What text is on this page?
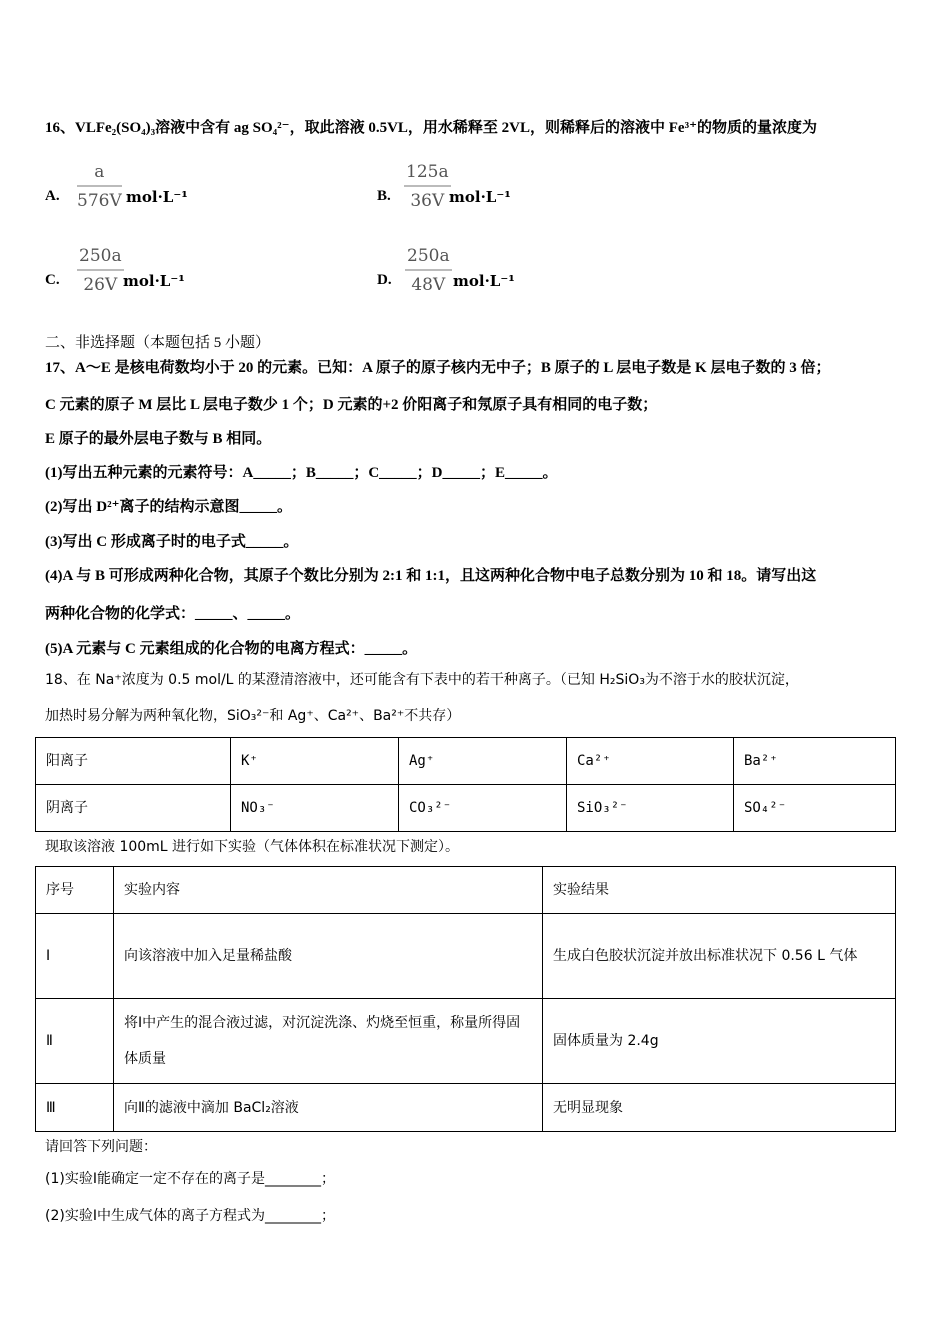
16、VLFe₂(SO₄)₃溶液中含有 ag SO₄²⁻，取此溶液 0.5VL，用水稀释至 2VL，则稀释后的溶液中 Fe³⁺的物质的量浓度为
A. $\frac{a}{576V} mol\cdot L^{-1}$	B. $\frac{125a}{36V}$
mol·L⁻¹
C. $\frac{250a}{26V} mol\cdot L^{-1}$	D. $\frac{250a}{48V} mol\cdot L^{-1}$
二、非选择题（本题包括 5 小题）
17、A～E 是核电荷数均小于 20 的元素。已知：A 原子的原子核内无中子；B 原子的 L 层电子数是 K 层电子数的 3 倍；
C 元素的原子 M 层比 L 层电子数少 1 个；D 元素的+2 价阳离子和氖原子具有相同的电子数；
E 原子的最外层电子数与 B 相同。
(1)写出五种元素的元素符号：A_____；B_____；C_____；D_____；E_____。
(2)写出 D²⁺离子的结构示意图_____。
(3)写出 C 形成离子时的电子式_____。
(4)A 与 B 可形成两种化合物，其原子个数比分别为 2:1 和 1:1，且这两种化合物中电子总数分别为 10 和 18。请写出这
两种化合物的化学式：_____、_____。
(5)A 元素与 C 元素组成的化合物的电离方程式：_____。
18、在 Na⁺浓度为 0.5 mol/L 的某澄清溶液中，还可能含有下表中的若干种离子。（已知 H₂SiO₃为不溶于水的胶状沉淀，
加热时易分解为两种氧化物，SiO₃²⁻和 Ag⁺、Ca²⁺、Ba²⁺不共存）
阳离子	K⁺	Ag⁺	Ca²⁺	Ba²⁺
阴离子	NO₃⁻	CO₃²⁻	SiO₃²⁻	SO₄²⁻
现取该溶液 100mL 进行如下实验（气体体积在标准状况下测定）。
序号	实验内容	实验结果
Ⅰ	向该溶液中加入足量稀盐酸	生成白色胶状沉淀并放出标准状况下 0.56 L 气体
Ⅱ	将Ⅰ中产生的混合液过滤，对沉淀洗涤、灼烧至恒重，称量所得固体质量	固体质量为 2.4g
Ⅲ	向Ⅱ的滤液中滴加 BaCl₂溶液	无明显现象
请回答下列问题：
(1)实验Ⅰ能确定一定不存在的离子是________；
(2)实验Ⅰ中生成气体的离子方程式为________；
